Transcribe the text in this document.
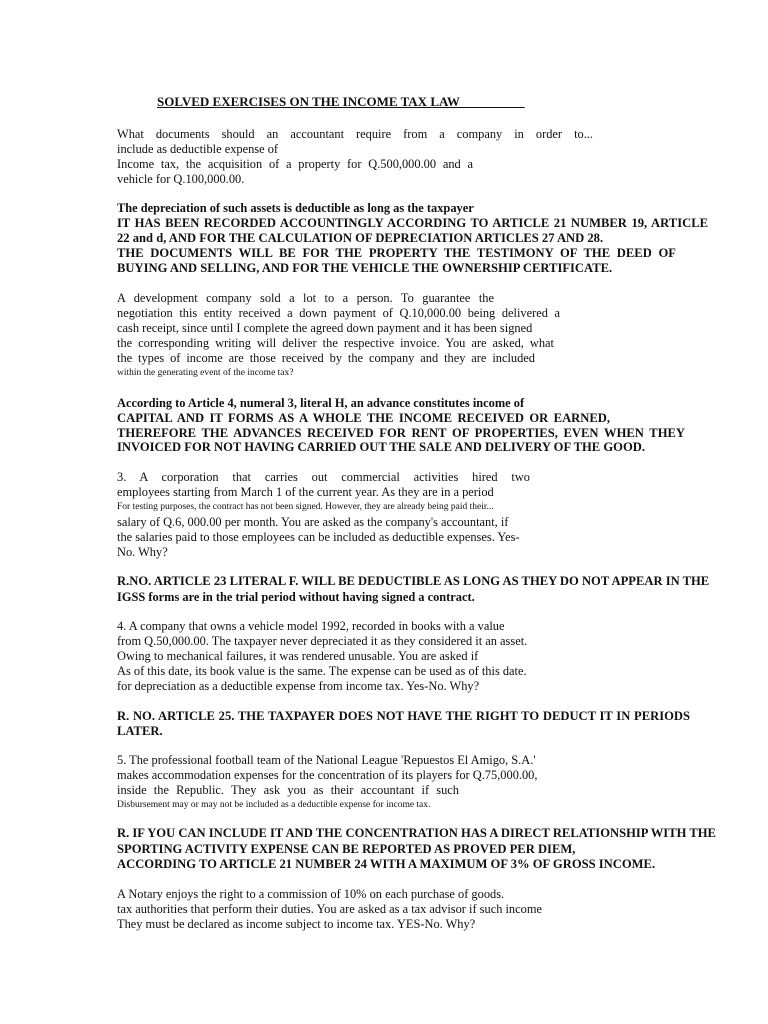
SOLVED EXERCISES ON THE INCOME TAX LAW

What documents should an accountant require from a company in order to...

include as deductible expense of

Income tax, the acquisition of a property for Q.500,000.00 and a

vehicle for Q.100,000.00.

The depreciation of such assets is deductible as long as the taxpayer

IT HAS BEEN RECORDED ACCOUNTINGLY ACCORDING TO ARTICLE 21 NUMBER 19, ARTICLE

22 and d, AND FOR THE CALCULATION OF DEPRECIATION ARTICLES 27 AND 28.

THE DOCUMENTS WILL BE FOR THE PROPERTY THE TESTIMONY OF THE DEED OF

BUYING AND SELLING, AND FOR THE VEHICLE THE OWNERSHIP CERTIFICATE.

A development company sold a lot to a person. To guarantee the

negotiation this entity received a down payment of Q.10,000.00 being delivered a

cash receipt, since until I complete the agreed down payment and it has been signed

the corresponding writing will deliver the respective invoice. You are asked, what

the types of income are those received by the company and they are included

within the generating event of the income tax?

According to Article 4, numeral 3, literal H, an advance constitutes income of

CAPITAL AND IT FORMS AS A WHOLE THE INCOME RECEIVED OR EARNED,

THEREFORE THE ADVANCES RECEIVED FOR RENT OF PROPERTIES, EVEN WHEN THEY

INVOICED FOR NOT HAVING CARRIED OUT THE SALE AND DELIVERY OF THE GOOD.

3. A corporation that carries out commercial activities hired two

employees starting from March 1 of the current year. As they are in a period

For testing purposes, the contract has not been signed. However, they are already being paid their...

salary of Q.6, 000.00 per month. You are asked as the company's accountant, if

the salaries paid to those employees can be included as deductible expenses. Yes-

No. Why?

R.NO. ARTICLE 23 LITERAL F. WILL BE DEDUCTIBLE AS LONG AS THEY DO NOT APPEAR IN THE

IGSS forms are in the trial period without having signed a contract.

4. A company that owns a vehicle model 1992, recorded in books with a value

from Q.50,000.00. The taxpayer never depreciated it as they considered it an asset.

Owing to mechanical failures, it was rendered unusable. You are asked if

As of this date, its book value is the same. The expense can be used as of this date.

for depreciation as a deductible expense from income tax. Yes-No. Why?

R. NO. ARTICLE 25. THE TAXPAYER DOES NOT HAVE THE RIGHT TO DEDUCT IT IN PERIODS

LATER.

5. The professional football team of the National League 'Repuestos El Amigo, S.A.'

makes accommodation expenses for the concentration of its players for Q.75,000.00,

inside the Republic. They ask you as their accountant if such

Disbursement may or may not be included as a deductible expense for income tax.

R. IF YOU CAN INCLUDE IT AND THE CONCENTRATION HAS A DIRECT RELATIONSHIP WITH THE

SPORTING ACTIVITY EXPENSE CAN BE REPORTED AS PROVED PER DIEM,

ACCORDING TO ARTICLE 21 NUMBER 24 WITH A MAXIMUM OF 3% OF GROSS INCOME.

A Notary enjoys the right to a commission of 10% on each purchase of goods.

tax authorities that perform their duties. You are asked as a tax advisor if such income

They must be declared as income subject to income tax. YES-No. Why?
